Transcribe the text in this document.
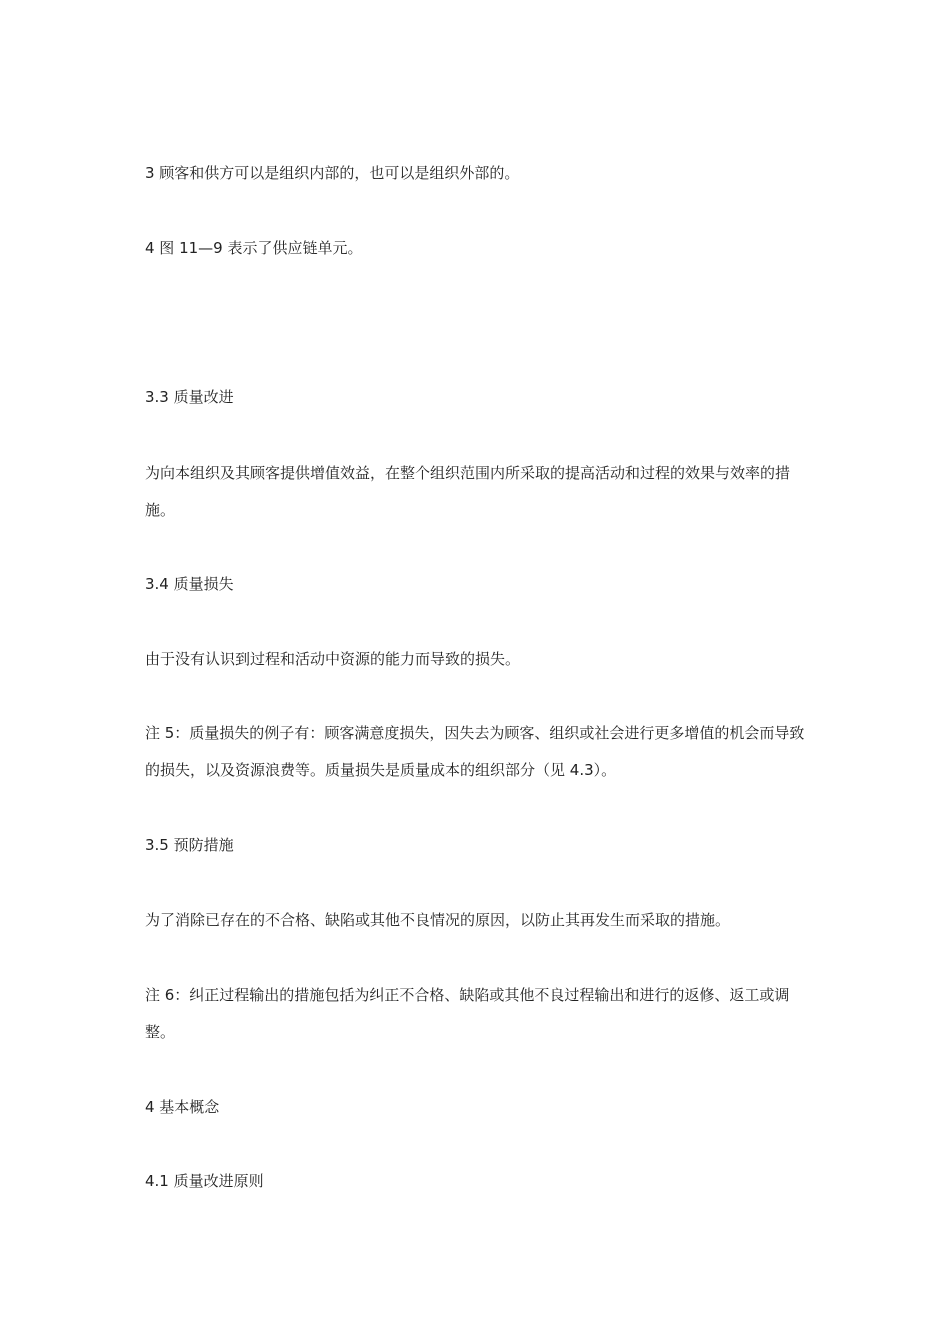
3 顾客和供方可以是组织内部的，也可以是组织外部的。

4 图 11—9 表示了供应链单元。

3.3 质量改进

为向本组织及其顾客提供增值效益，在整个组织范围内所采取的提高活动和过程的效果与效率的措施。

3.4 质量损失

由于没有认识到过程和活动中资源的能力而导致的损失。

注 5：质量损失的例子有：顾客满意度损失，因失去为顾客、组织或社会进行更多增值的机会而导致的损失，以及资源浪费等。质量损失是质量成本的组织部分（见 4.3）。

3.5 预防措施

为了消除已存在的不合格、缺陷或其他不良情况的原因，以防止其再发生而采取的措施。

注 6：纠正过程输出的措施包括为纠正不合格、缺陷或其他不良过程输出和进行的返修、返工或调整。

4 基本概念

4.1 质量改进原则
